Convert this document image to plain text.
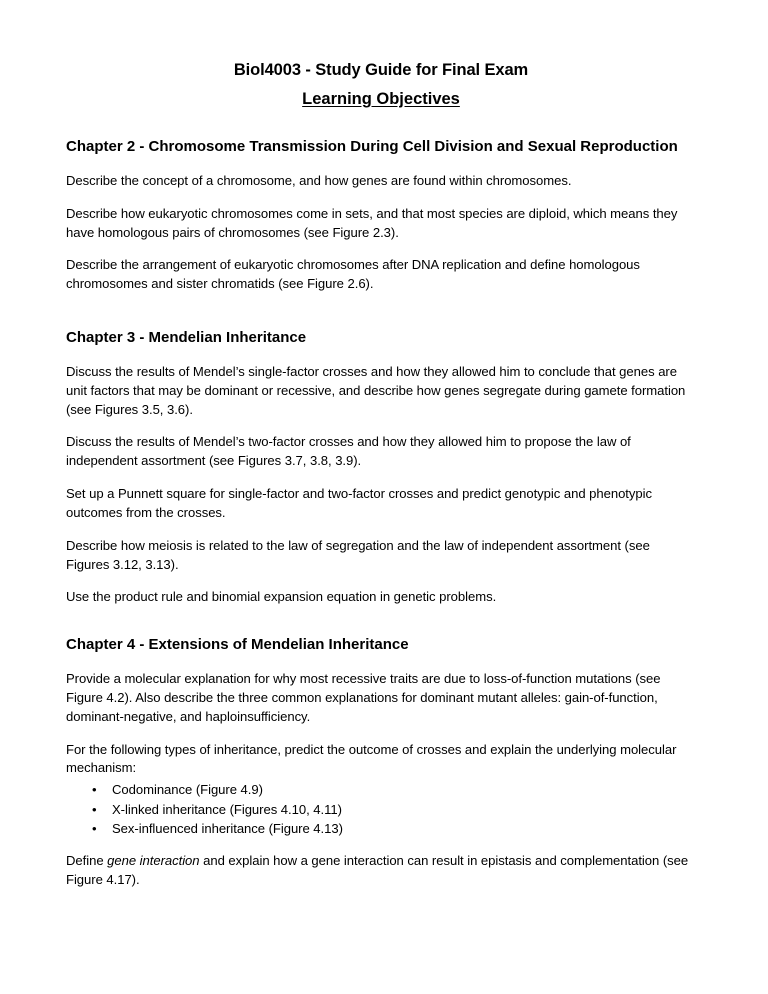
Biol4003 - Study Guide for Final Exam
Learning Objectives
Chapter 2 - Chromosome Transmission During Cell Division and Sexual Reproduction

Describe the concept of a chromosome, and how genes are found within chromosomes.

Describe how eukaryotic chromosomes come in sets, and that most species are diploid, which means they have homologous pairs of chromosomes (see Figure 2.3).

Describe the arrangement of eukaryotic chromosomes after DNA replication and define homologous chromosomes and sister chromatids (see Figure 2.6).

Chapter 3 - Mendelian Inheritance

Discuss the results of Mendel’s single-factor crosses and how they allowed him to conclude that genes are unit factors that may be dominant or recessive, and describe how genes segregate during gamete formation (see Figures 3.5, 3.6).

Discuss the results of Mendel’s two-factor crosses and how they allowed him to propose the law of independent assortment (see Figures 3.7, 3.8, 3.9).

Set up a Punnett square for single-factor and two-factor crosses and predict genotypic and phenotypic outcomes from the crosses.

Describe how meiosis is related to the law of segregation and the law of independent assortment (see Figures 3.12, 3.13).

Use the product rule and binomial expansion equation in genetic problems.

Chapter 4 - Extensions of Mendelian Inheritance

Provide a molecular explanation for why most recessive traits are due to loss-of-function mutations (see Figure 4.2). Also describe the three common explanations for dominant mutant alleles: gain-of-function, dominant-negative, and haploinsufficiency.

For the following types of inheritance, predict the outcome of crosses and explain the underlying molecular mechanism:

• Codominance (Figure 4.9)
• X-linked inheritance (Figures 4.10, 4.11)
• Sex-influenced inheritance (Figure 4.13)

Define gene interaction and explain how a gene interaction can result in epistasis and complementation (see Figure 4.17).
